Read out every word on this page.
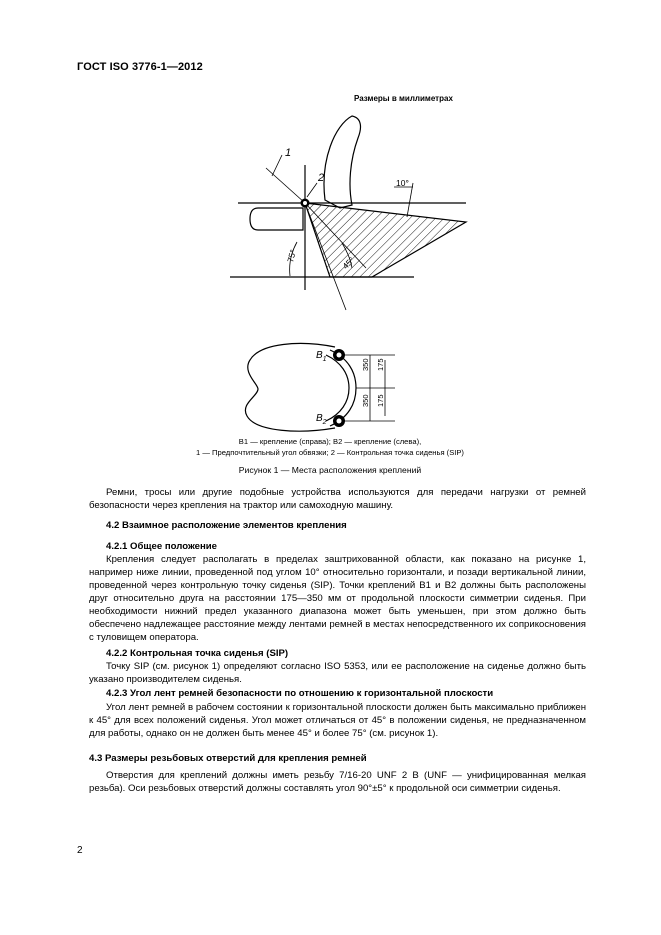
ГОСТ ISO 3776-1—2012
Размеры в миллиметрах
1
2	10°
75°	45°
$B_1$
$B_2$
350 175
350 175
B1 — крепление (справа); B2 — крепление (слева),
1 — Предпочтительный угол обвязки; 2 — Контрольная точка сиденья (SIP)
Рисунок 1 — Места расположения креплений

Ремни, тросы или другие подобные устройства используются для передачи нагрузки от ремней безопасности через крепления на трактор или самоходную машину.

4.2 Взаимное расположение элементов крепления
4.2.1 Общее положение

Крепления следует располагать в пределах заштрихованной области, как показано на рисунке 1, например ниже линии, проведенной под углом 10° относительно горизонтали, и позади вертикальной линии, проведенной через контрольную точку сиденья (SIP). Точки креплений B1 и B2 должны быть расположены друг относительно друга на расстоянии 175—350 мм от продольной плоскости симметрии сиденья. При необходимости нижний предел указанного диапазона может быть уменьшен, при этом должно быть обеспечено надлежащее расстояние между лентами ремней в местах непосредственного их соприкосновения с туловищем оператора.

4.2.2 Контрольная точка сиденья (SIP)

Точку SIP (см. рисунок 1) определяют согласно ISO 5353, или ее расположение на сиденье должно быть указано производителем сиденья.

4.2.3 Угол лент ремней безопасности по отношению к горизонтальной плоскости

Угол лент ремней в рабочем состоянии к горизонтальной плоскости должен быть максимально приближен к 45° для всех положений сиденья. Угол может отличаться от 45° в положении сиденья, не предназначенном для работы, однако он не должен быть менее 45° и более 75° (см. рисунок 1).

4.3 Размеры резьбовых отверстий для крепления ремней

Отверстия для креплений должны иметь резьбу 7/16-20 UNF 2 B (UNF — унифицированная мелкая резьба). Оси резьбовых отверстий должны составлять угол 90°±5° к продольной оси симметрии сиденья.

2
